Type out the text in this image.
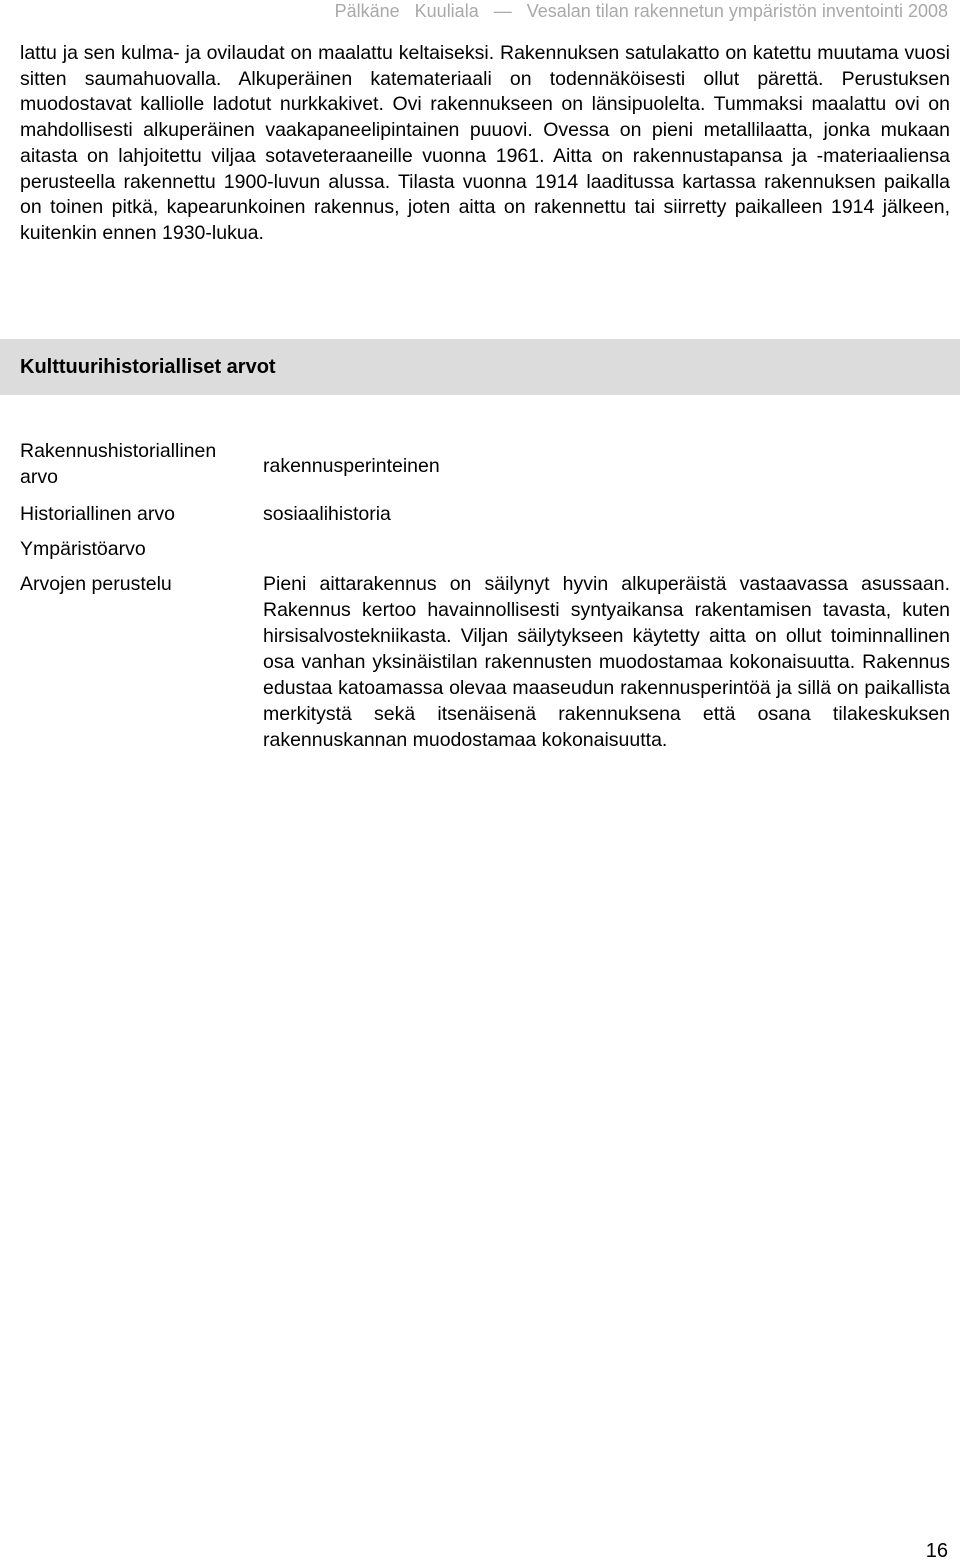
Pälkäne   Kuuliala   —   Vesalan tilan rakennetun ympäristön inventointi 2008

lattu ja sen kulma- ja ovilaudat on maalattu keltaiseksi. Rakennuksen satulakatto on katettu muutama vuosi sitten saumahuovalla. Alkuperäinen katemateriaali on todennäköisesti ollut pärettä. Perustuksen muodostavat kalliolle ladotut nurkkakivet. Ovi rakennukseen on länsipuolelta. Tummaksi maalattu ovi on mahdollisesti alkuperäinen vaakapaneelipintainen puuovi. Ovessa on pieni metallilaatta, jonka mukaan aitasta on lahjoitettu viljaa sotaveteraaneille vuonna 1961. Aitta on rakennustapansa ja -materiaaliensa perusteella rakennettu 1900-luvun alussa. Tilasta vuonna 1914 laaditussa kartassa rakennuksen paikalla on toinen pitkä, kapearunkoinen rakennus, joten aitta on rakennettu tai siirretty paikalleen 1914 jälkeen, kuitenkin ennen 1930-lukua.

Kulttuurihistorialliset arvot
Rakennushistoriallinen arvo	rakennusperinteinen
Historiallinen arvo	sosiaalihistoria
Ympäristöarvo
Arvojen perustelu	Pieni aittarakennus on säilynyt hyvin alkuperäistä vastaavassa asussaan. Rakennus kertoo havainnollisesti syntyaikansa rakentamisen tavasta, kuten hirsisalvostekniikasta. Viljan säilytykseen käytetty aitta on ollut toiminnallinen osa vanhan yksinäistilan rakennusten muodostamaa kokonaisuutta. Rakennus edustaa katoamassa olevaa maaseudun rakennusperintöä ja sillä on paikallista merkitystä sekä itsenäisenä rakennuksena että osana tilakeskuksen rakennuskannan muodostamaa kokonaisuutta.
16
